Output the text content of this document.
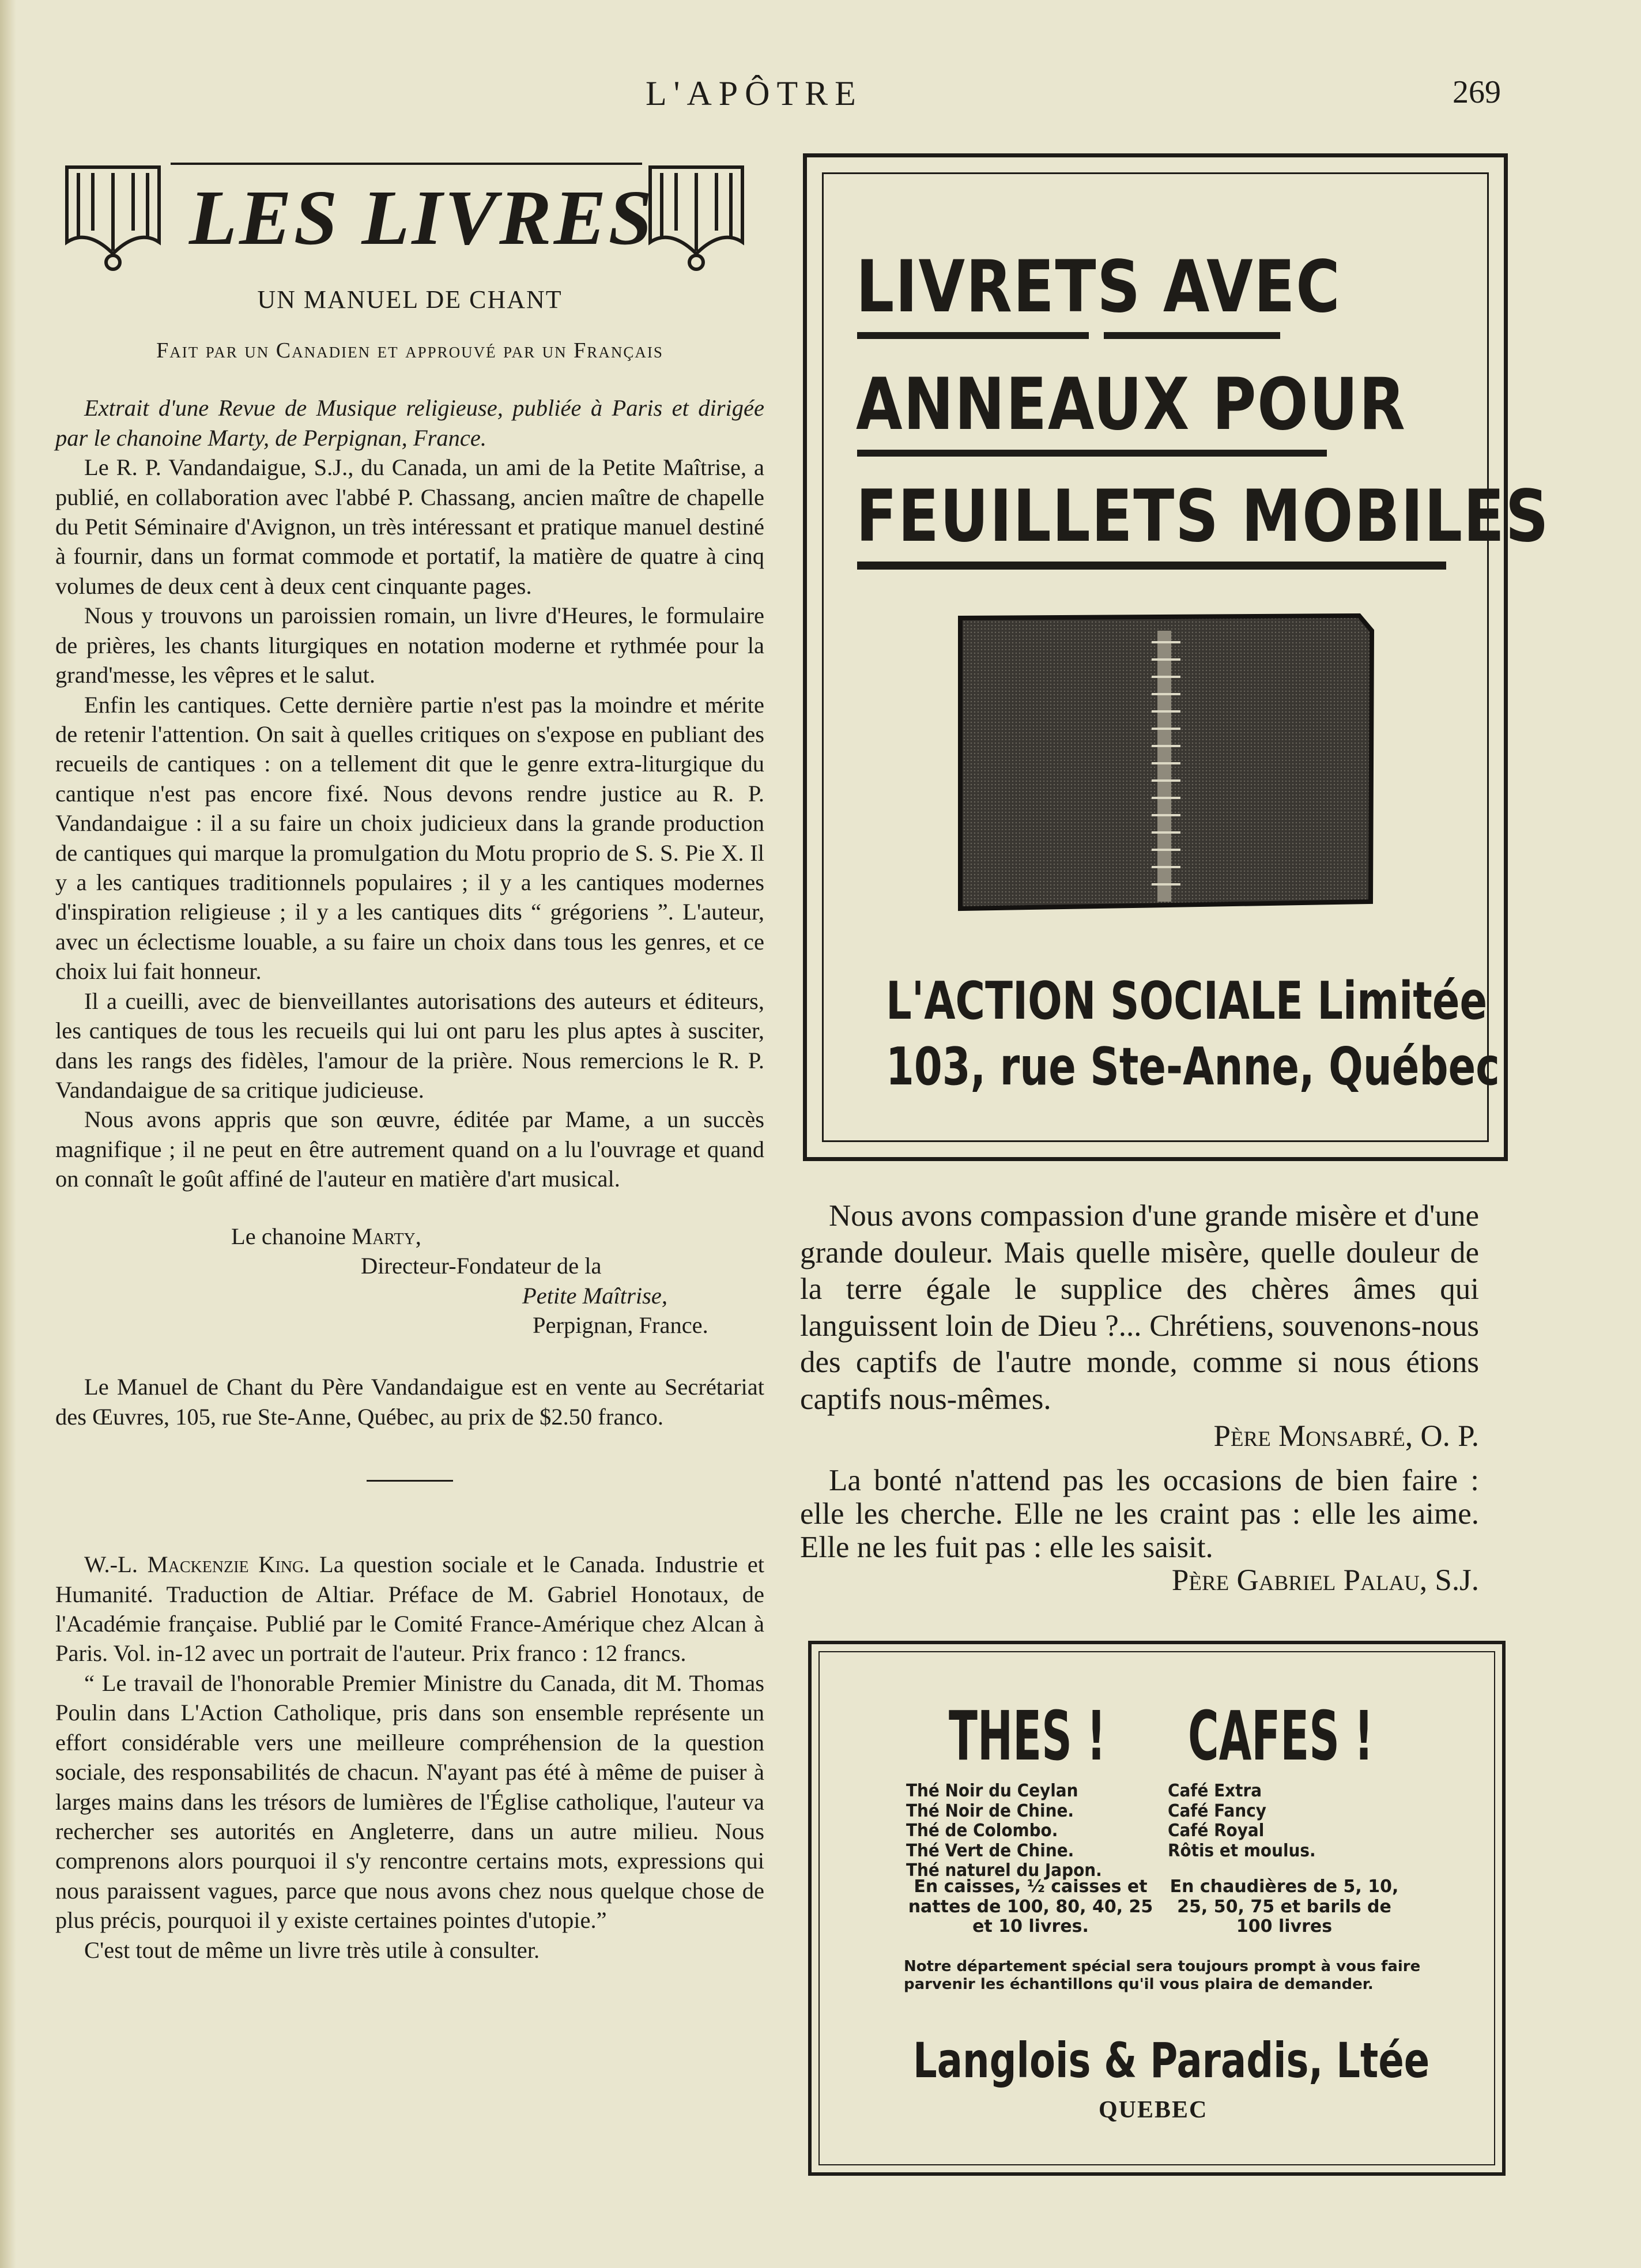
L'APÔTRE	269
LES LIVRES
UN MANUEL DE CHANT
Fait par un Canadien et approuvé par un Français

Extrait d'une Revue de Musique religieuse, publiée à Paris et dirigée par le chanoine Marty, de Perpignan, France.

Le R. P. Vandandaigue, S.J., du Canada, un ami de la Petite Maîtrise, a publié, en collaboration avec l'abbé P. Chassang, ancien maître de chapelle du Petit Séminaire d'Avignon, un très intéressant et pratique manuel destiné à fournir, dans un format commode et portatif, la matière de quatre à cinq volumes de deux cent à deux cent cinquante pages.

Nous y trouvons un paroissien romain, un livre d'Heures, le formulaire de prières, les chants liturgiques en notation moderne et rythmée pour la grand'messe, les vêpres et le salut.

Enfin les cantiques. Cette dernière partie n'est pas la moindre et mérite de retenir l'attention. On sait à quelles critiques on s'expose en publiant des recueils de cantiques : on a tellement dit que le genre extra-liturgique du cantique n'est pas encore fixé. Nous devons rendre justice au R. P. Vandandaigue : il a su faire un choix judicieux dans la grande production de cantiques qui marque la promulgation du Motu proprio de S. S. Pie X. Il y a les cantiques traditionnels populaires ; il y a les cantiques modernes d'inspiration religieuse ; il y a les cantiques dits “ grégoriens ”. L'auteur, avec un éclectisme louable, a su faire un choix dans tous les genres, et ce choix lui fait honneur.

Il a cueilli, avec de bienveillantes autorisations des auteurs et éditeurs, les cantiques de tous les recueils qui lui ont paru les plus aptes à susciter, dans les rangs des fidèles, l'amour de la prière. Nous remercions le R. P. Vandandaigue de sa critique judicieuse.

Nous avons appris que son œuvre, éditée par Mame, a un succès magnifique ; il ne peut en être autrement quand on a lu l'ouvrage et quand on connaît le goût affiné de l'auteur en matière d'art musical.

Le chanoine Marty,
Directeur-Fondateur de la
Petite Maîtrise,
Perpignan, France.

Le Manuel de Chant du Père Vandandaigue est en vente au Secrétariat des Œuvres, 105, rue Ste-Anne, Québec, au prix de $2.50 franco.

W.-L. Mackenzie King. La question sociale et le Canada. Industrie et Humanité. Traduction de Altiar. Préface de M. Gabriel Honotaux, de l'Académie française. Publié par le Comité France-Amérique chez Alcan à Paris. Vol. in-12 avec un portrait de l'auteur. Prix franco : 12 francs.

“ Le travail de l'honorable Premier Ministre du Canada, dit M. Thomas Poulin dans L'Action Catholique, pris dans son ensemble représente un effort considérable vers une meilleure compréhension de la question sociale, des responsabilités de chacun. N'ayant pas été à même de puiser à larges mains dans les trésors de lumières de l'Église catholique, l'auteur va rechercher ses autorités en Angleterre, dans un autre milieu. Nous comprenons alors pourquoi il s'y rencontre certains mots, expressions qui nous paraissent vagues, parce que nous avons chez nous quelque chose de plus précis, pourquoi il y existe certaines pointes d'utopie.”

C'est tout de même un livre très utile à consulter.

LIVRETS AVEC
ANNEAUX POUR
FEUILLETS MOBILES
L'ACTION SOCIALE Limitée
103, rue Ste-Anne, Québec

Nous avons compassion d'une grande misère et d'une grande douleur. Mais quelle misère, quelle douleur de la terre égale le supplice des chères âmes qui languissent loin de Dieu ?... Chrétiens, souvenons-nous des captifs de l'autre monde, comme si nous étions captifs nous-mêmes.

Père Monsabré, O. P.

La bonté n'attend pas les occasions de bien faire : elle les cherche. Elle ne les craint pas : elle les aime. Elle ne les fuit pas : elle les saisit.

Père Gabriel Palau, S.J.

THES ! CAFES !
Thé Noir du Ceylan
Thé Noir de Chine.
Thé de Colombo.
Thé Vert de Chine.
Thé naturel du Japon.
Café Extra
Café Fancy
Café Royal
Rôtis et moulus.
En caisses, ½ caisses et nattes de 100, 80, 40, 25 et 10 livres.
En chaudières de 5, 10, 25, 50, 75 et barils de 100 livres
Notre département spécial sera toujours prompt à vous faire parvenir les échantillons qu'il vous plaira de demander.
Langlois & Paradis, Ltée
QUEBEC
